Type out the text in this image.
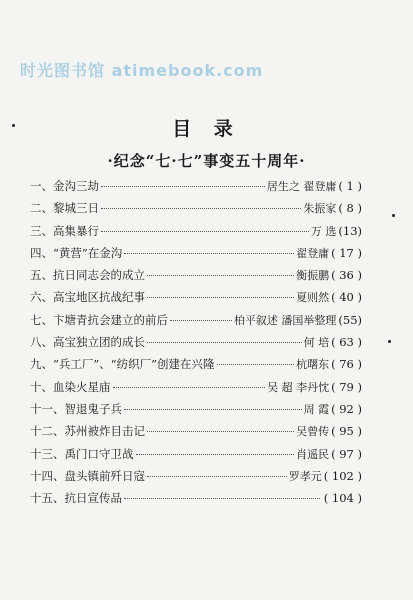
时光图书馆 atimebook.com
目 录
·纪念“七·七”事变五十周年·
一、 金沟三劫	居生之 翟登庸 ( 1 )
二、 黎城三日	朱振家 ( 8 )
三、 高集暴行	万 选 (13)
四、 “黄营”在金沟	翟登庸 ( 17 )
五、 抗日同志会的成立	衡振鹏 ( 36 )
六、 高宝地区抗战纪事	夏则然 ( 40 )
七、 卞塘青抗会建立的前后	柏平叙述 潘国举整理 (55)
八、 高宝独立团的成长	何 培 ( 63 )
九、 “兵工厂”、“纺织厂”创建在兴隆	杭曙东 ( 76 )
十、 血染火星庙	吴 超 李丹忱 ( 79 )
十一、 智退鬼子兵	周 霞 ( 92 )
十二、 苏州被炸目击记	吴曾传 ( 95 )
十三、 禹门口守卫战	肖遥民 ( 97 )
十四、 盘头镇前歼日寇	罗孝元 ( 102 )
十五、 抗日宣传品	( 104 )
